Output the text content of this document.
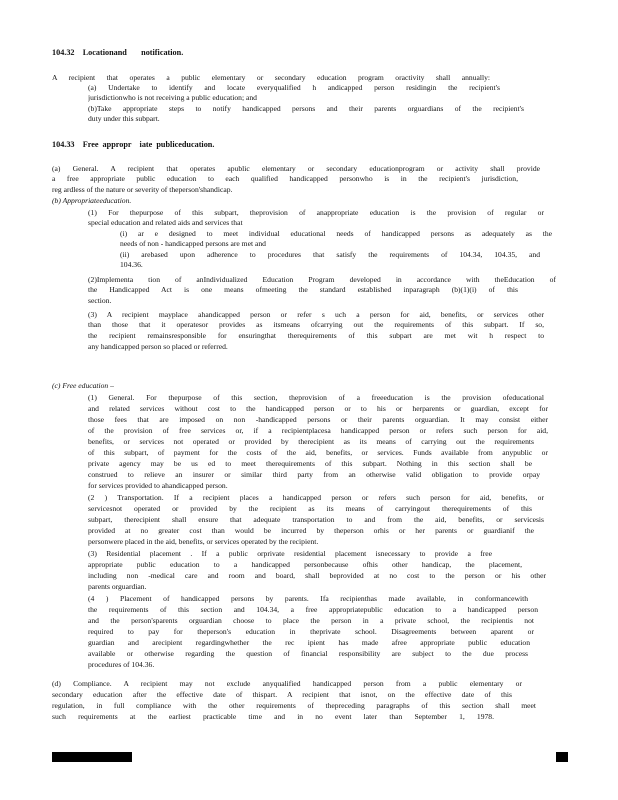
104.32    Locationand       notification.
A recipient that operates a public elementary or secondary education program oractivity shall annually:
(a) Undertake to identify and locate everyqualified h andicapped person residingin the recipient's
jurisdictionwho is not receiving a public education; and
(b)Take appropriate steps to notify handicapped persons and their parents orguardians of the recipient's
duty under this subpart.
104.33    Free  appropr    iate  publiceducation.
(a) General. A recipient that operates apublic elementary or secondary educationprogram or activity shall provide
a free appropriate public education to each qualified handicapped personwho is in the recipient's jurisdiction,
reg ardless of the nature or severity of theperson'shandicap.
(b) Appropriateeducation.
(1) For thepurpose of this subpart, theprovision of anappropriate education is the provision of regular or
special education and related aids and services that
(i) ar e designed to meet individual educational needs of handicapped persons as adequately as the
needs of non - handicapped persons are met and
(ii) arebased upon adherence to procedures that satisfy the requirements of 104.34, 104.35, and
104.36.
(2)Implementa tion of anIndividualized Education Program developed in accordance with theEducation of
the Handicapped Act is one means ofmeeting the standard established inparagraph (b)(1)(i) of this
section.
(3) A recipient mayplace ahandicapped person or refer s uch a person for aid, benefits, or services other
than those that it operatesor provides as itsmeans ofcarrying out the requirements of this subpart. If so,
the recipient remainsresponsible for ensuringthat therequirements of this subpart are met wit h respect to
any handicapped person so placed or referred.
(c) Free education –
(1) General. For thepurpose of this section, theprovision of a freeeducation is the provision ofeducational
and related services without cost to the handicapped person or to his or herparents or guardian, except for
those fees that are imposed on non -handicapped persons or their parents orguardian. It may consist either
of the provision of free services or, if a recipientplacesa handicapped person or refers such person for aid,
benefits, or services not operated or provided by therecipient as its means of carrying out the requirements
of this subpart, of payment for the costs of the aid, benefits, or services. Funds available from anypublic or
private agency may be us ed to meet therequirements of this subpart. Nothing in this section shall be
construed to relieve an insurer or similar third party from an otherwise valid obligation to provide orpay
for services provided to ahandicapped person.
(2 ) Transportation. If a recipient places a handicapped person or refers such person for aid, benefits, or
servicesnot operated or provided by the recipient as its means of carryingout therequirements of this
subpart, therecipient shall ensure that adequate transportation to and from the aid, benefits, or servicesis
provided at no greater cost than would be incurred by theperson orhis or her parents or guardianif the
personwere placed in the aid, benefits, or services operated by the recipient.
(3) Residential placement . If a public orprivate residential placement isnecessary to provide a free
appropriate public education to a handicapped personbecause ofhis other handicap, the placement,
including non -medical care and room and board, shall beprovided at no cost to the person or his other
parents orguardian.
(4 ) Placement of handicapped persons by parents. Ifa recipienthas made available, in conformancewith
the requirements of this section and 104.34, a free appropriatepublic education to a handicapped person
and the person'sparents orguardian choose to place the person in a private school, the recipientis not
required to pay for theperson's education in theprivate school. Disagreements between aparent or
guardian and arecipient regardingwhether the rec ipient has made afree appropriate public education
available or otherwise regarding the question of financial responsibility are subject to the due process
procedures of 104.36.
(d) Compliance. A recipient may not exclude anyqualified handicapped person from a public elementary or
secondary education after the effective date of thispart. A recipient that isnot, on the effective date of this
regulation, in full compliance with the other requirements of thepreceding paragraphs of this section shall meet
such requirements at the earliest practicable time and in no event later than September 1, 1978.
